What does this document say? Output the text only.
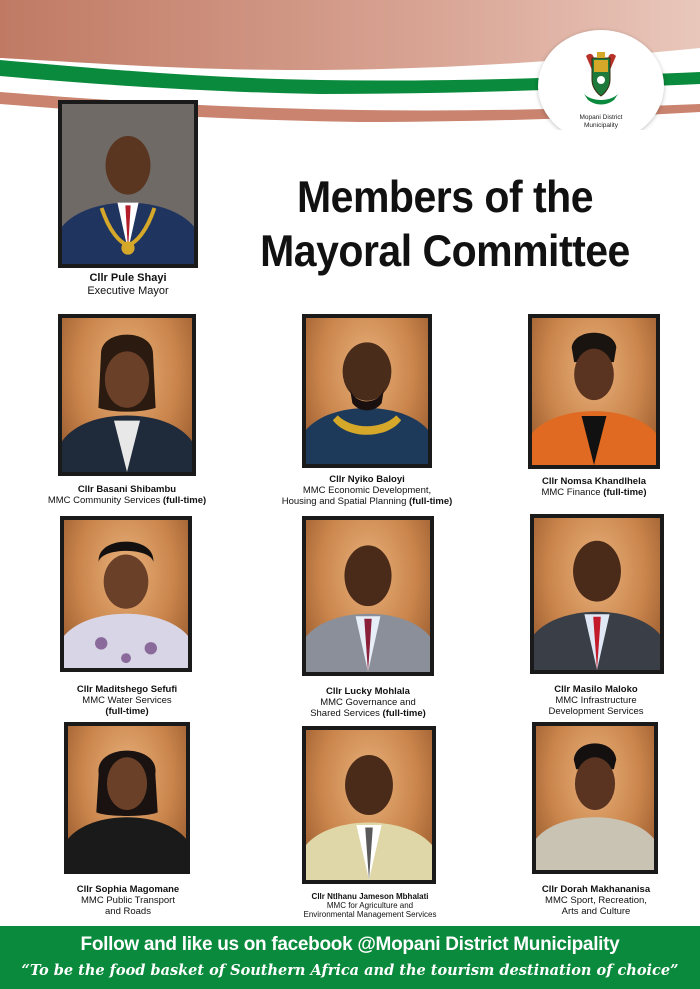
Mopani District
Municipality
Members of the
Mayoral Committee
Cllr Pule Shayi
Executive Mayor
Cllr Basani Shibambu
MMC Community Services (full-time)
Cllr Nyiko Baloyi
MMC Economic Development,
Housing and Spatial Planning (full-time)
Cllr Nomsa Khandlhela
MMC Finance (full-time)
Cllr Maditshego Sefufi
MMC Water Services
(full-time)
Cllr Lucky Mohlala
MMC Governance and
Shared Services (full-time)
Cllr Masilo Maloko
MMC Infrastructure
Development Services
Cllr Sophia Magomane
MMC Public Transport
and Roads
Cllr Ntlhanu Jameson Mbhalati
MMC for Agriculture and
Environmental Management Services
Cllr Dorah Makhananisa
MMC Sport, Recreation,
Arts and Culture
Follow and like us on facebook @Mopani District Municipality
“To be the food basket of Southern Africa and the tourism destination of choice”
